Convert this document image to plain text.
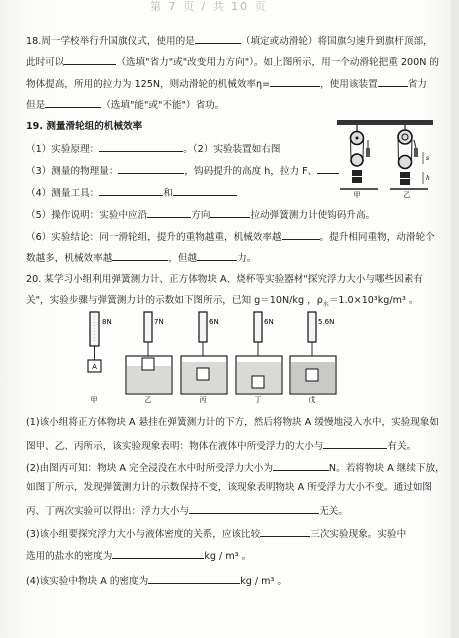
第 7 页 / 共 10 页
18.周一学校举行升国旗仪式，使用的是	（填定或动滑轮）将国旗匀速升到旗杆顶部，
此时可以	（选填"省力"或"改变用力方向"）。如上图所示，用一个动滑轮把重 200N 的
物体提高，所用的拉力为 125N，则动滑轮的机械效率η=	，使用该装置	省力
但是	（选填"能"或"不能"）省功。
19. 测量滑轮组的机械效率
（1）实验原理：	。（2）实验装置如右图
（3）测量的物理量：	，钩码提升的高度 h，拉力 F、
（4）测量工具：	和
（5）操作说明：实验中应沿	方向	拉动弹簧测力计使钩码升高。
（6）实验结论：同一滑轮组，提升的重物越重，机械效率越	。提升相同重物，动滑轮个
数越多，机械效率越	，但越	力。
甲
s
h
乙
20. 某学习小组利用弹簧测力计、正方体物块 A、烧杯等实验器材"探究浮力大小与哪些因素有
关"，实验步骤与弹簧测力计的示数如下图所示，已知 g＝10N/kg ，$\rho_水=1.0\times 10^3kg/m^3$ 。
A
8N
甲
7N
乙
6N
丙
6N
丁
5.6N
戊
(1)该小组将正方体物块 A 悬挂在弹簧测力计的下方，然后将物块 A 缓慢地浸入水中，实验现象如
图甲、乙、丙所示，该实验现象表明：物体在液体中所受浮力的大小与	有关。
(2)由图丙可知：物块 A 完全浸没在水中时所受浮力大小为	N。若将物块 A 继续下放，
如图丁所示，发现弹簧测力计的示数保持不变，该现象表明物块 A 所受浮力大小不变。通过如图
丙、丁两次实验可以得出：浮力大小与	无关。
(3)该小组要探究浮力大小与液体密度的关系，应该比较	三次实验现象。实验中
选用的盐水的密度为	kg / m³ 。
(4)该实验中物块 A 的密度为	kg / m³ 。
